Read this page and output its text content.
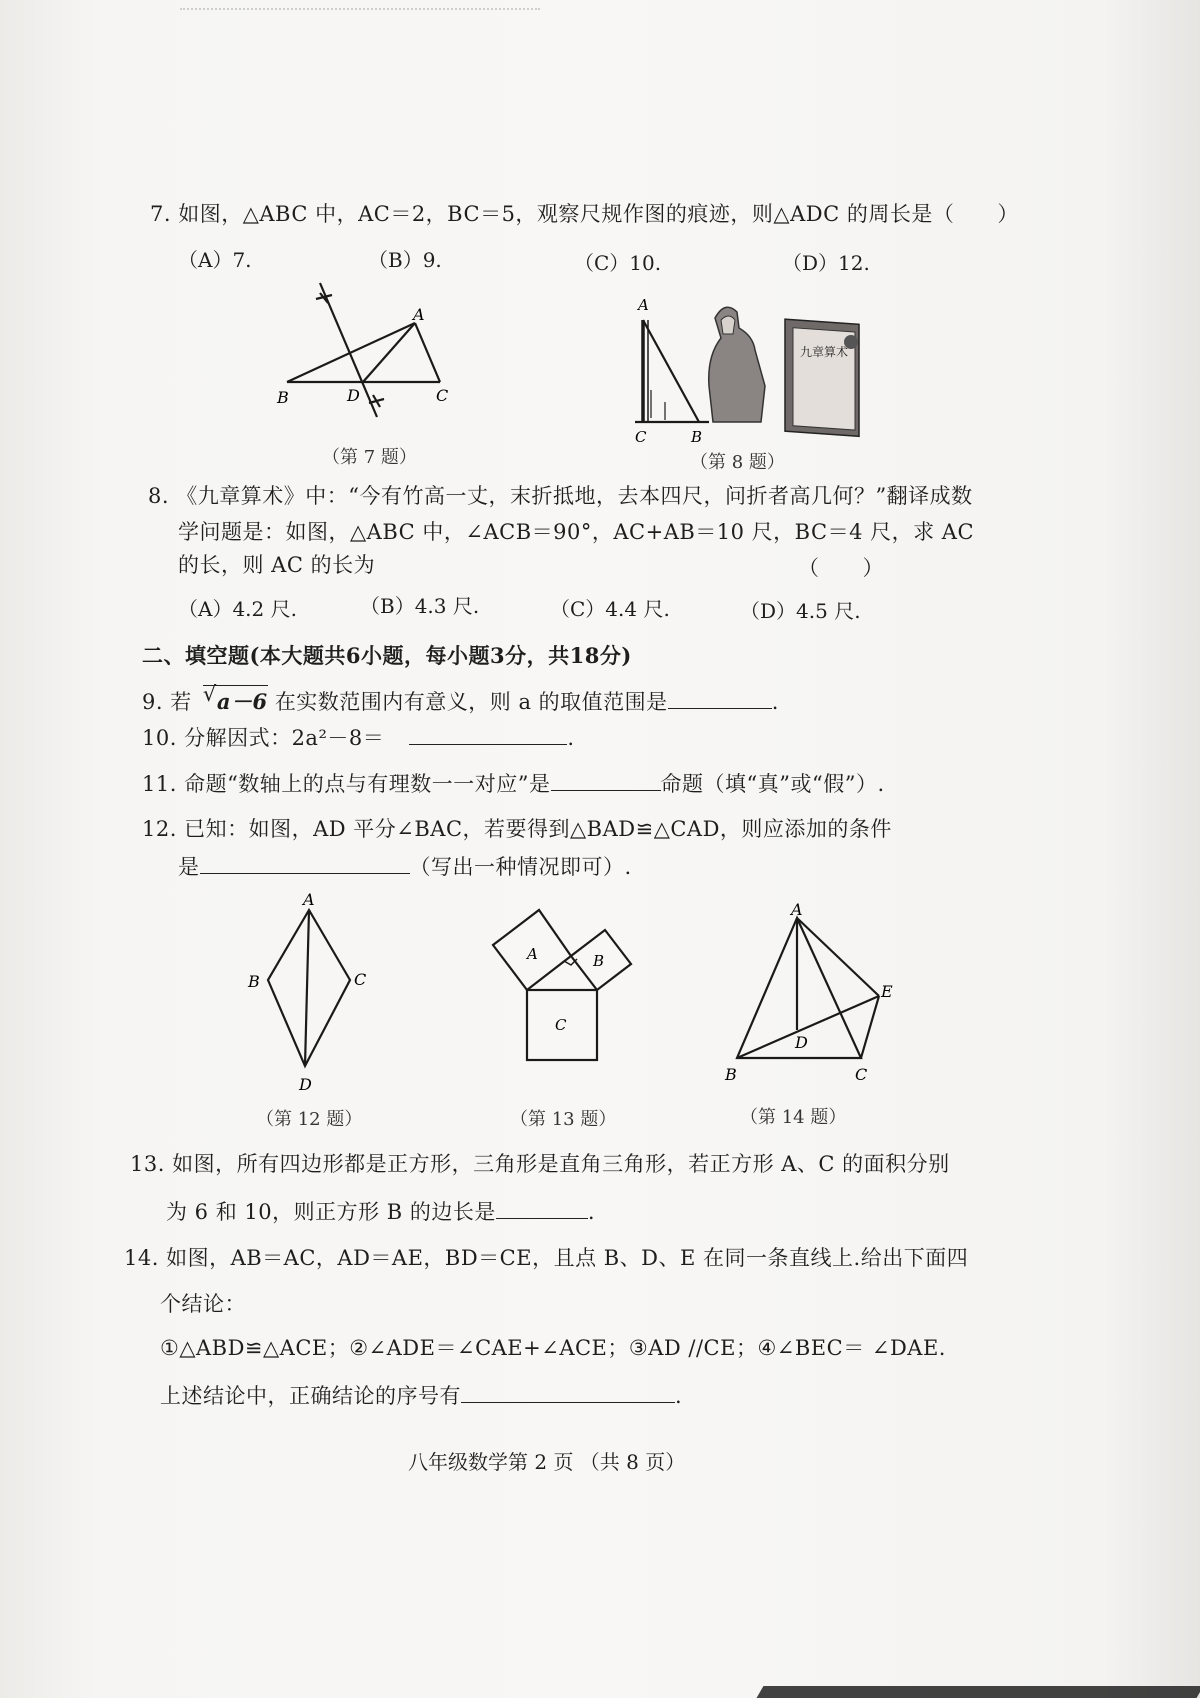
7. 如图，△ABC 中，AC＝2，BC＝5，观察尺规作图的痕迹，则△ADC 的周长是（　　）
（A）7.	（B）9.	（C）10.	（D）12.
A
B	D	C
（第 7 题）
九章算术
A
C	B
（第 8 题）
8. 《九章算术》中：“今有竹高一丈，末折抵地，去本四尺，问折者高几何？”翻译成数
学问题是：如图，△ABC 中，∠ACB＝90°，AC+AB＝10 尺，BC＝4 尺，求 AC
的长，则 AC 的长为	（　　）
（A）4.2 尺.	（B）4.3 尺.	（C）4.4 尺.	（D）4.5 尺.
二、填空题(本大题共6小题，每小题3分，共18分)
9. 若 √ a－6 在实数范围内有意义，则 a 的取值范围是	.
10. 分解因式：2a²－8＝	.
11. 命题“数轴上的点与有理数一一对应”是	命题（填“真”或“假”）.
12. 已知：如图，AD 平分∠BAC，若要得到△BAD≌△CAD，则应添加的条件
是	（写出一种情况即可）.
A
B	C
D
（第 12 题）
A	B
C
（第 13 题）
A
E
D
B	C
（第 14 题）
13. 如图，所有四边形都是正方形，三角形是直角三角形，若正方形 A、C 的面积分别
为 6 和 10，则正方形 B 的边长是	.
14. 如图，AB＝AC，AD＝AE，BD＝CE，且点 B、D、E 在同一条直线上.给出下面四
个结论：
①△ABD≌△ACE；②∠ADE＝∠CAE+∠ACE；③AD //CE；④∠BEC＝ ∠DAE.
上述结论中，正确结论的序号有	.
八年级数学第 2 页 （共 8 页）
